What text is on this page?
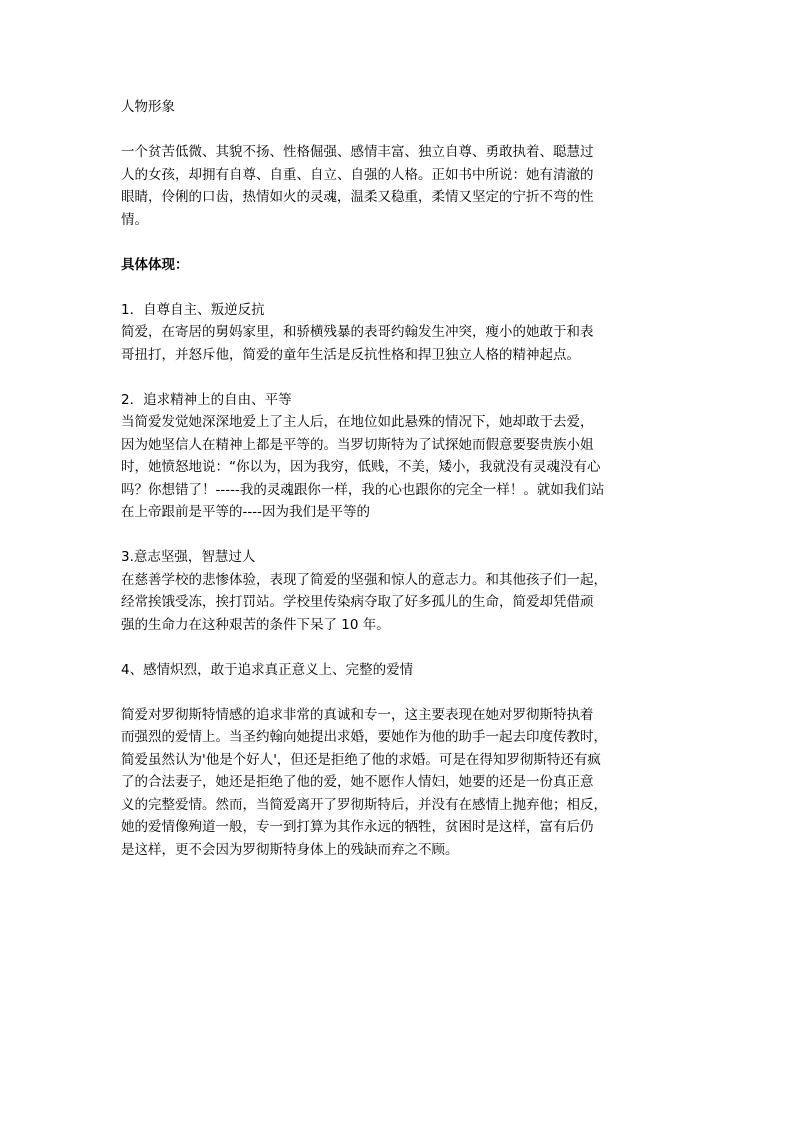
人物形象
一个贫苦低微、其貌不扬、性格倔强、感情丰富、独立自尊、勇敢执着、聪慧过
人的女孩，却拥有自尊、自重、自立、自强的人格。正如书中所说：她有清澈的
眼睛，伶俐的口齿，热情如火的灵魂，温柔又稳重，柔情又坚定的宁折不弯的性
情。
具体体现：
1．自尊自主、叛逆反抗
简爱，在寄居的舅妈家里，和骄横残暴的表哥约翰发生冲突，瘦小的她敢于和表
哥扭打，并怒斥他，简爱的童年生活是反抗性格和捍卫独立人格的精神起点。
2．追求精神上的自由、平等
当简爱发觉她深深地爱上了主人后，在地位如此悬殊的情况下，她却敢于去爱，
因为她坚信人在精神上都是平等的。当罗切斯特为了试探她而假意要娶贵族小姐
时，她愤怒地说：“你以为，因为我穷，低贱，不美，矮小，我就没有灵魂没有心
吗？你想错了！-----我的灵魂跟你一样，我的心也跟你的完全一样！。就如我们站
在上帝跟前是平等的----因为我们是平等的
3.意志坚强，智慧过人
在慈善学校的悲惨体验，表现了简爱的坚强和惊人的意志力。和其他孩子们一起，
经常挨饿受冻，挨打罚站。学校里传染病夺取了好多孤儿的生命，简爱却凭借顽
强的生命力在这种艰苦的条件下呆了 10 年。
4、感情炽烈，敢于追求真正意义上、完整的爱情
简爱对罗彻斯特情感的追求非常的真诚和专一，这主要表现在她对罗彻斯特执着
而强烈的爱情上。当圣约翰向她提出求婚，要她作为他的助手一起去印度传教时，
简爱虽然认为'他是个好人'，但还是拒绝了他的求婚。可是在得知罗彻斯特还有疯
了的合法妻子，她还是拒绝了他的爱，她不愿作人情妇，她要的还是一份真正意
义的完整爱情。然而，当简爱离开了罗彻斯特后，并没有在感情上抛弃他；相反，
她的爱情像殉道一般，专一到打算为其作永远的牺牲，贫困时是这样，富有后仍
是这样，更不会因为罗彻斯特身体上的残缺而弃之不顾。
